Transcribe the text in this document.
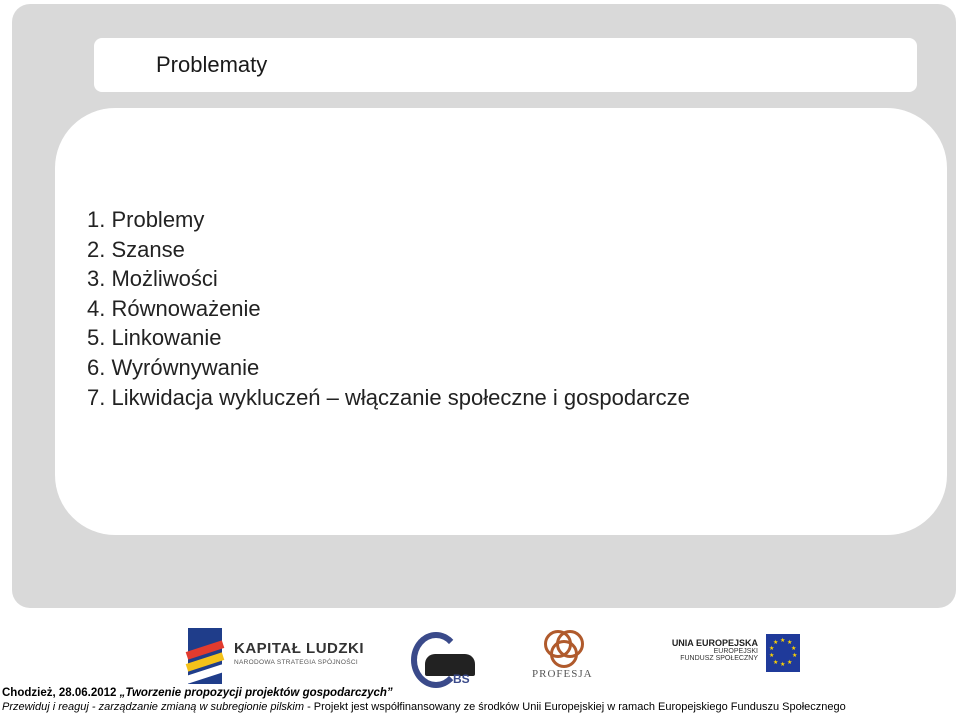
Problematy
1. Problemy
2. Szanse
3. Możliwości
4. Równoważenie
5. Linkowanie
6. Wyrównywanie
7. Likwidacja wykluczeń – włączanie społeczne i gospodarcze
KAPITAŁ LUDZKI
NARODOWA STRATEGIA SPÓJNOŚCI
BS	PROFESJA
UNIA EUROPEJSKA
EUROPEJSKI
FUNDUSZ SPOŁECZNY
★ ★
★
★
★
★
★
★
★
★
Chodzież, 28.06.2012 „Tworzenie propozycji projektów gospodarczych”
Przewiduj i reaguj - zarządzanie zmianą w subregionie pilskim - Projekt jest współfinansowany ze środków Unii Europejskiej w ramach Europejskiego Funduszu Społecznego
